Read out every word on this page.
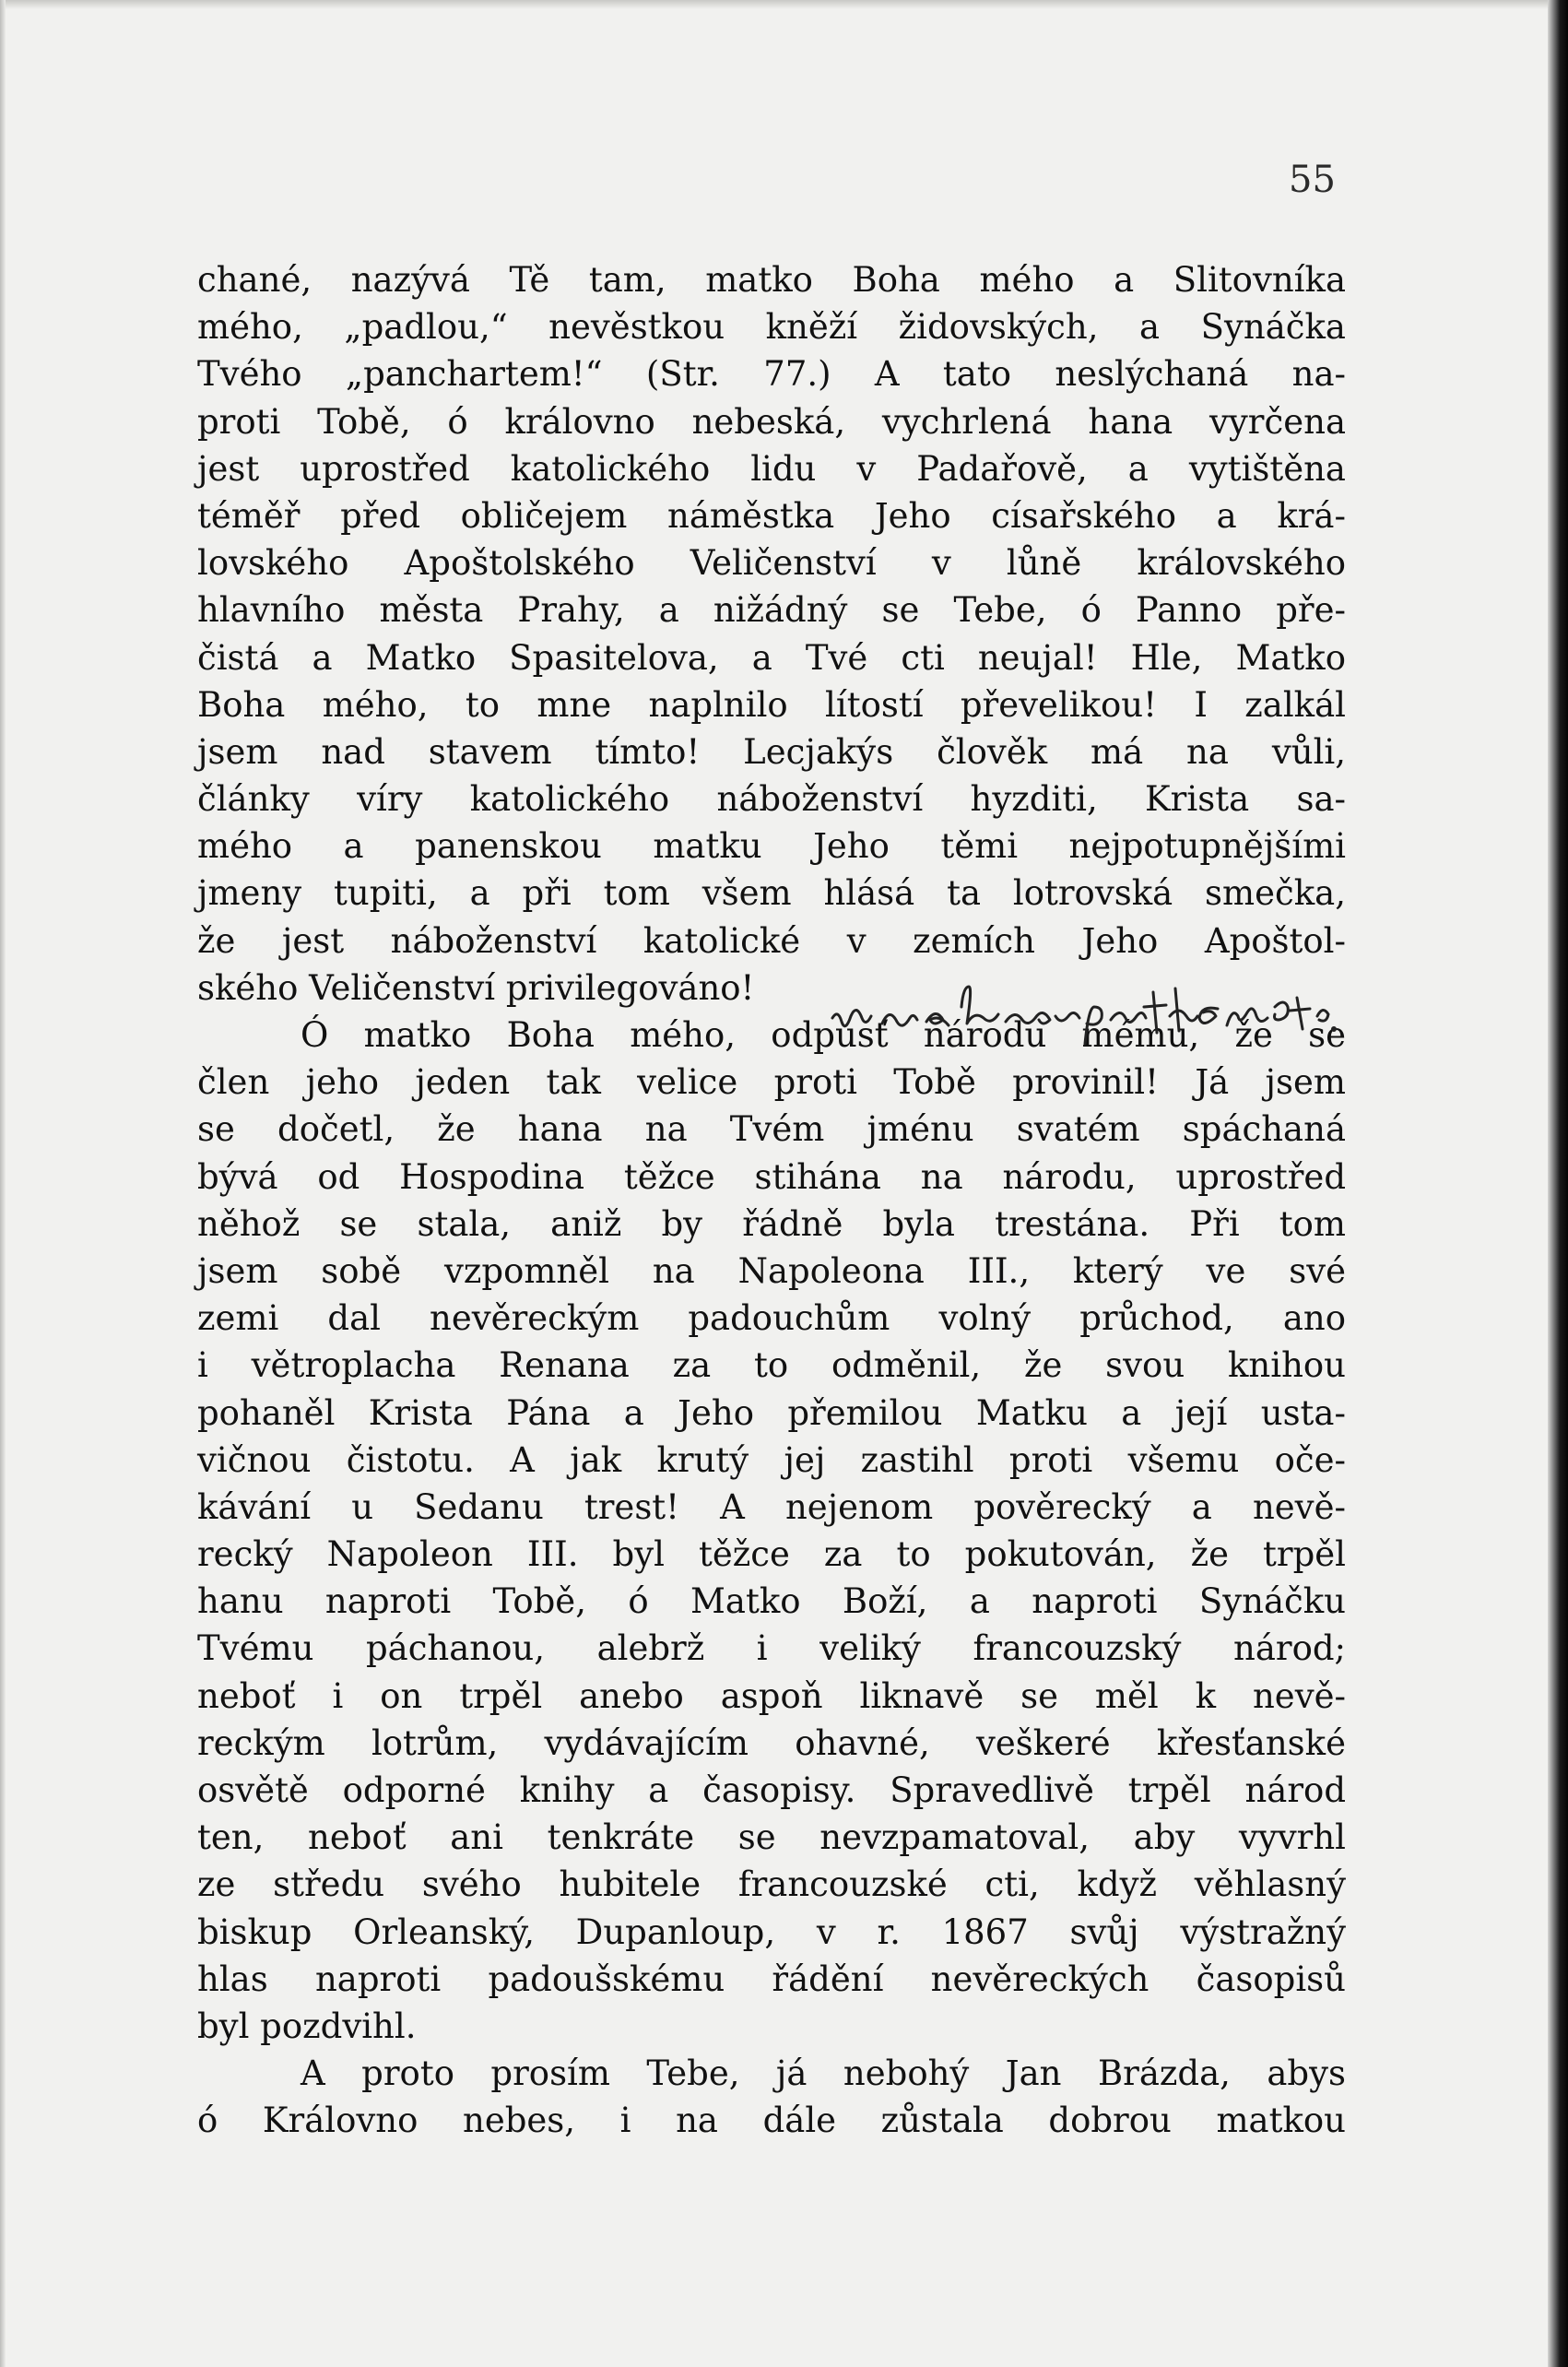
55
chané, nazývá Tě tam, matko Boha mého a Slitovníka
mého, „padlou,“ nevěstkou kněží židovských, a Synáčka
Tvého „panchartem!“ (Str. 77.) A tato neslýchaná na-
proti Tobě, ó královno nebeská, vychrlená hana vyrčena
jest uprostřed katolického lidu v Padařově, a vytištěna
téměř před obličejem náměstka Jeho císařského a krá-
lovského Apoštolského Veličenství v lůně královského
hlavního města Prahy, a nižádný se Tebe, ó Panno pře-
čistá a Matko Spasitelova, a Tvé cti neujal! Hle, Matko
Boha mého, to mne naplnilo lítostí převelikou! I zalkál
jsem nad stavem tímto! Lecjakýs člověk má na vůli,
články víry katolického náboženství hyzditi, Krista sa-
mého a panenskou matku Jeho těmi nejpotupnějšími
jmeny tupiti, a při tom všem hlásá ta lotrovská smečka,
že jest náboženství katolické v zemích Jeho Apoštol-
ského Veličenství privilegováno!
Ó matko Boha mého, odpusť národu mému, že se
člen jeho jeden tak velice proti Tobě provinil! Já jsem
se dočetl, že hana na Tvém jménu svatém spáchaná
bývá od Hospodina těžce stihána na národu, uprostřed
něhož se stala, aniž by řádně byla trestána. Při tom
jsem sobě vzpomněl na Napoleona III., který ve své
zemi dal nevěreckým padouchům volný průchod, ano
i větroplacha Renana za to odměnil, že svou knihou
pohaněl Krista Pána a Jeho přemilou Matku a její usta-
vičnou čistotu. A jak krutý jej zastihl proti všemu oče-
kávání u Sedanu trest! A nejenom pověrecký a nevě-
recký Napoleon III. byl těžce za to pokutován, že trpěl
hanu naproti Tobě, ó Matko Boží, a naproti Synáčku
Tvému páchanou, alebrž i veliký francouzský národ;
neboť i on trpěl anebo aspoň liknavě se měl k nevě-
reckým lotrům, vydávajícím ohavné, veškeré křesťanské
osvětě odporné knihy a časopisy. Spravedlivě trpěl národ
ten, neboť ani tenkráte se nevzpamatoval, aby vyvrhl
ze středu svého hubitele francouzské cti, když věhlasný
biskup Orleanský, Dupanloup, v r. 1867 svůj výstražný
hlas naproti padoušskému řádění nevěreckých časopisů
byl pozdvihl.
A proto prosím Tebe, já nebohý Jan Brázda, abys
ó Královno nebes, i na dále zůstala dobrou matkou
